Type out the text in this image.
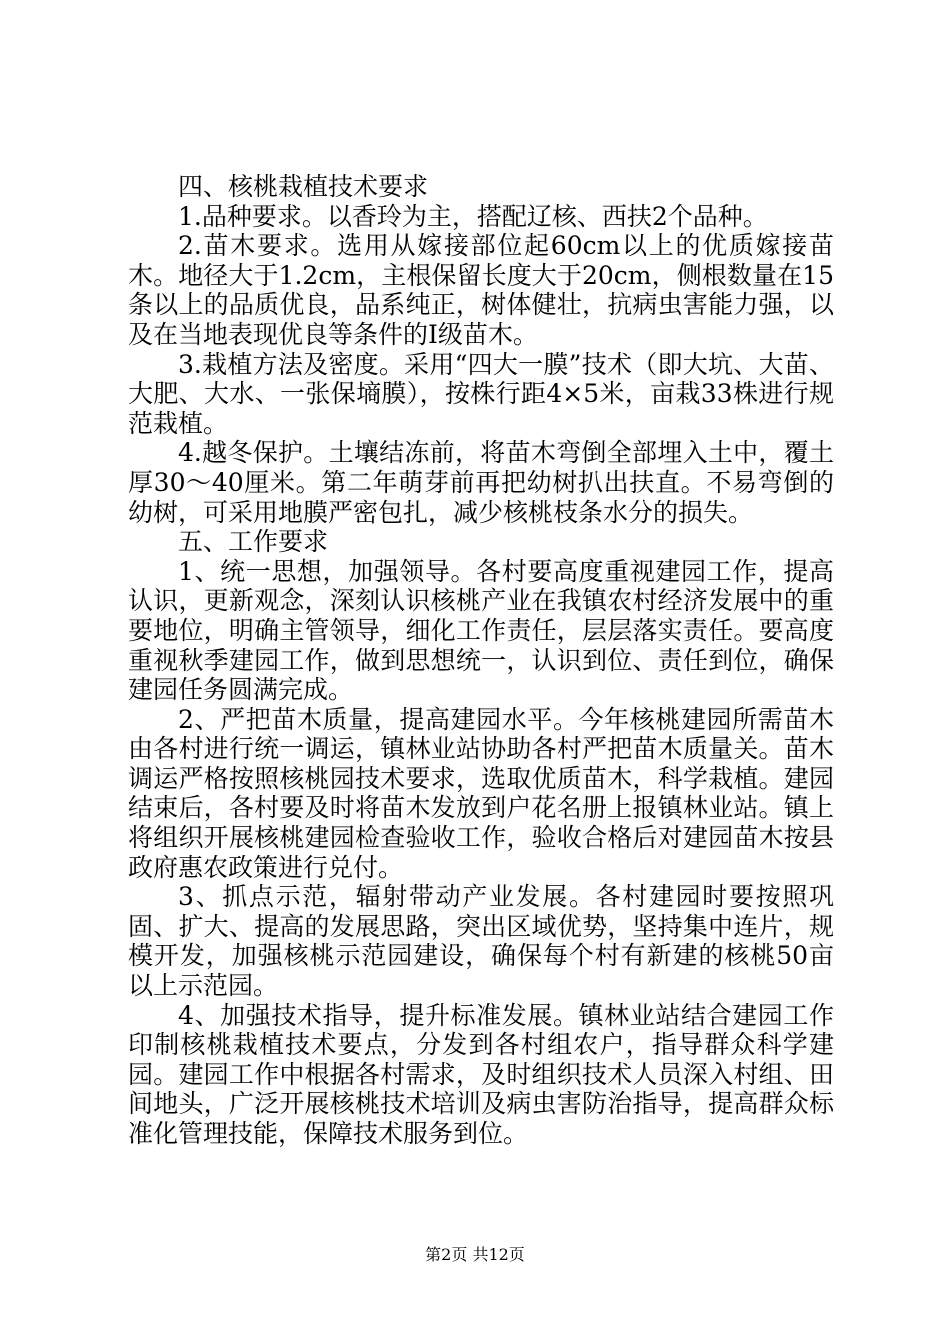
四、核桃栽植技术要求

1.品种要求。以香玲为主，搭配辽核、西扶2个品种。

2.苗木要求。选用从嫁接部位起60cm以上的优质嫁接苗木。地径大于1.2cm，主根保留长度大于20cm，侧根数量在15条以上的品质优良，品系纯正，树体健壮，抗病虫害能力强，以及在当地表现优良等条件的Ⅰ级苗木。

3.栽植方法及密度。采用“四大一膜”技术（即大坑、大苗、大肥、大水、一张保墒膜），按株行距4×5米，亩栽33株进行规范栽植。

4.越冬保护。土壤结冻前，将苗木弯倒全部埋入土中，覆土厚30～40厘米。第二年萌芽前再把幼树扒出扶直。不易弯倒的幼树，可采用地膜严密包扎，减少核桃枝条水分的损失。

五、工作要求

1、统一思想，加强领导。各村要高度重视建园工作，提高认识，更新观念，深刻认识核桃产业在我镇农村经济发展中的重要地位，明确主管领导，细化工作责任，层层落实责任。要高度重视秋季建园工作，做到思想统一，认识到位、责任到位，确保建园任务圆满完成。

2、严把苗木质量，提高建园水平。今年核桃建园所需苗木由各村进行统一调运，镇林业站协助各村严把苗木质量关。苗木调运严格按照核桃园技术要求，选取优质苗木，科学栽植。建园结束后，各村要及时将苗木发放到户花名册上报镇林业站。镇上将组织开展核桃建园检查验收工作，验收合格后对建园苗木按县政府惠农政策进行兑付。

3、抓点示范，辐射带动产业发展。各村建园时要按照巩固、扩大、提高的发展思路，突出区域优势，坚持集中连片，规模开发，加强核桃示范园建设，确保每个村有新建的核桃50亩以上示范园。

4、加强技术指导，提升标准发展。镇林业站结合建园工作印制核桃栽植技术要点，分发到各村组农户，指导群众科学建园。建园工作中根据各村需求，及时组织技术人员深入村组、田间地头，广泛开展核桃技术培训及病虫害防治指导，提高群众标准化管理技能，保障技术服务到位。

第2页 共12页
